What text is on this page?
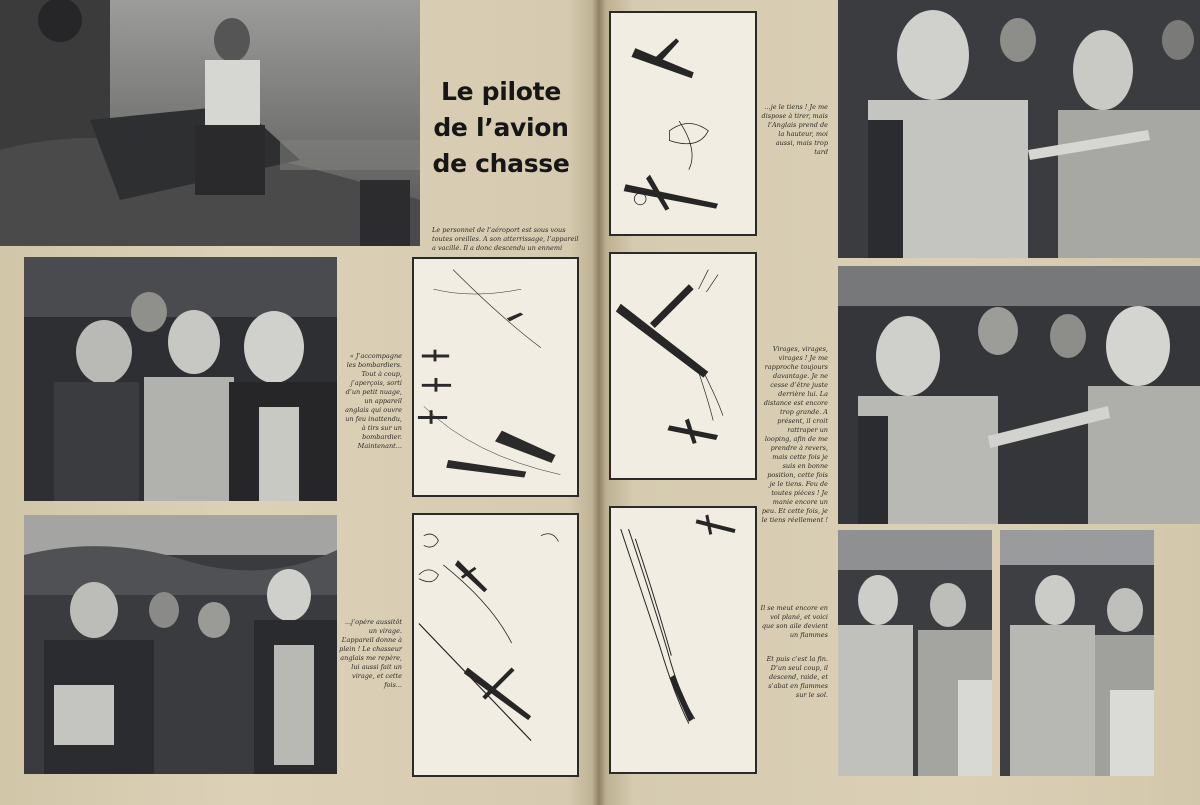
Le pilote
de l’avion
de chasse
Le personnel de l’aéroport est sous vous toutes oreilles. A son atterrissage, l’appareil a vacillé. Il a donc descendu un ennemi
« J’accompagne les bombardiers. Tout à coup, j’aperçois, sorti d’un petit nuage, un appareil anglais qui ouvre un feu inattendu, à tirs sur un bombardier. Maintenant...
...j’opère aussitôt un virage. L’appareil donne à plein ! Le chasseur anglais me repère, lui aussi fait un virage, et cette fois...
...je le tiens ! Je me dispose à tirer, mais l’Anglais prend de la hauteur, moi aussi, mais trop tard
Virages, virages, virages ! Je me rapproche toujours davantage. Je ne cesse d’être juste derrière lui. La distance est encore trop grande. A présent, il croit rattraper un looping, afin de me prendre à revers, mais cette fois je suis en bonne position, cette fois je le tiens. Feu de toutes pièces ! Je manie encore un peu. Et cette fois, je le tiens réellement !
Il se meut encore en vol plané, et voici que son aile devient un flammes
Et puis c’est la fin. D’un seul coup, il descend, raide, et s’abat en flammes sur le sol.
